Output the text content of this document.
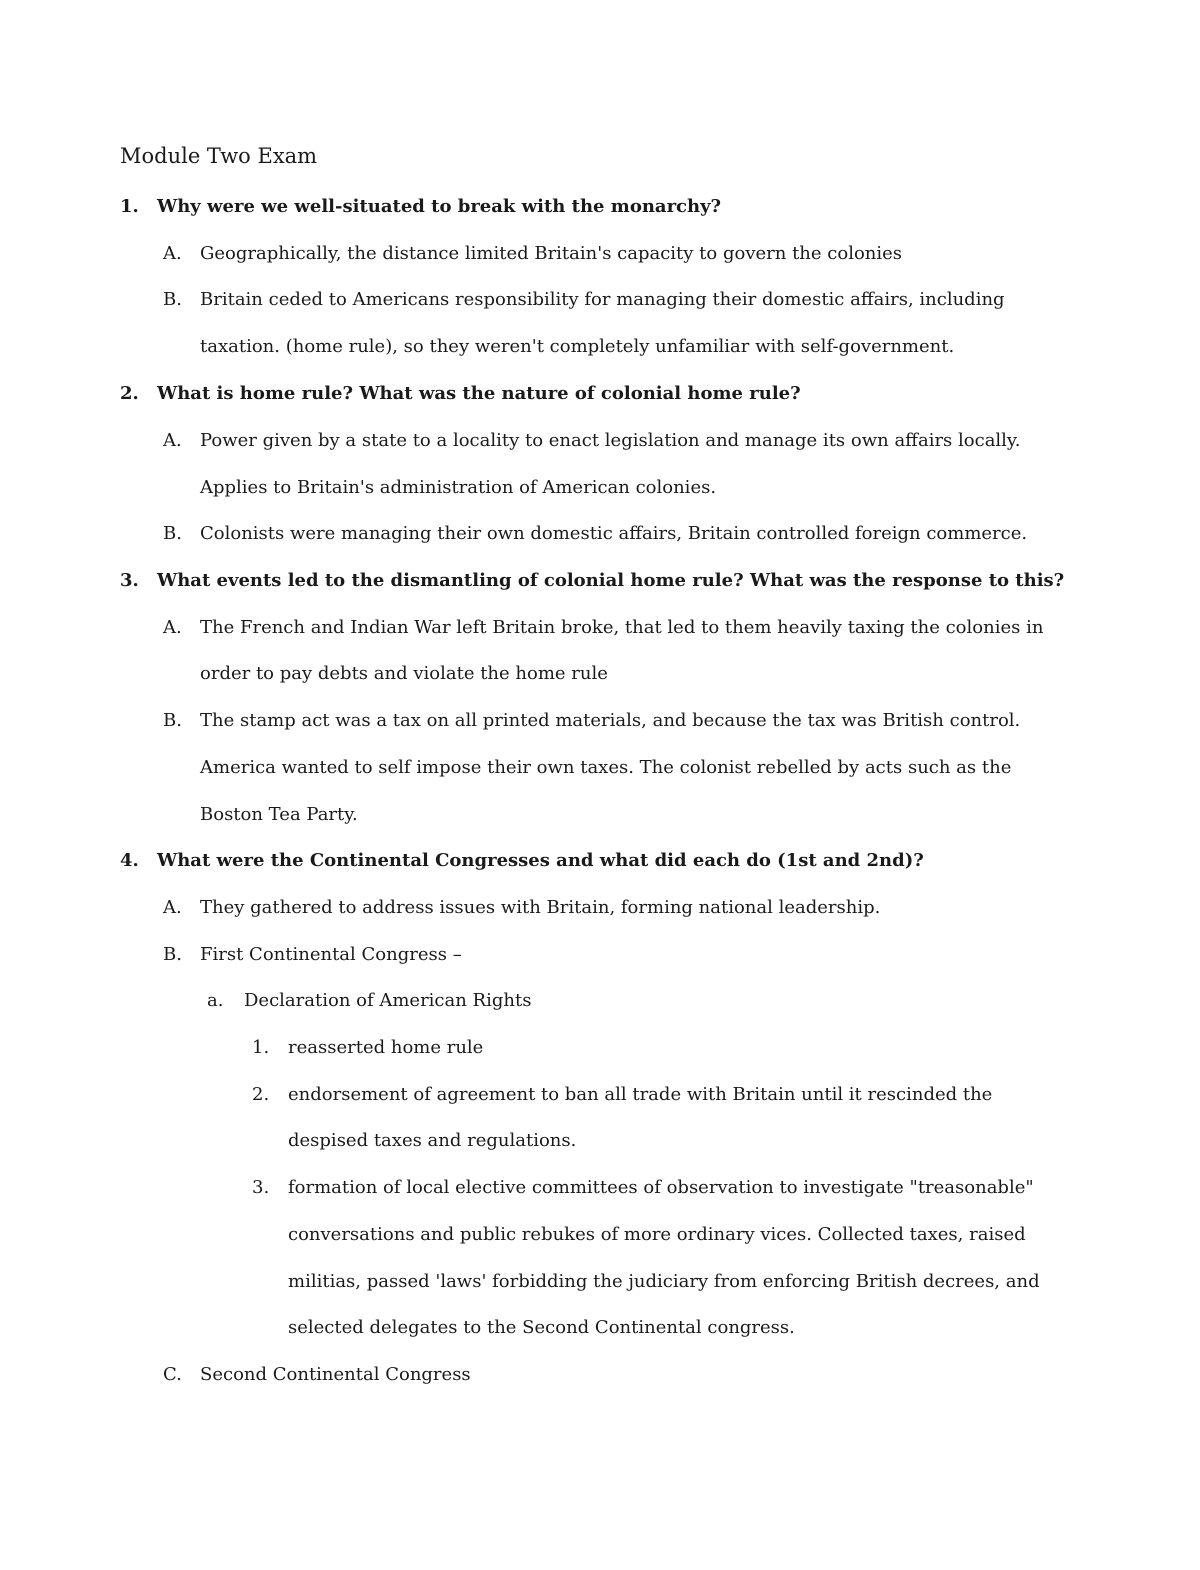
Module Two Exam
1. Why were we well-situated to break with the monarchy?
A. Geographically, the distance limited Britain's capacity to govern the colonies
B. Britain ceded to Americans responsibility for managing their domestic affairs, including
taxation. (home rule), so they weren't completely unfamiliar with self-government.
2. What is home rule? What was the nature of colonial home rule?
A. Power given by a state to a locality to enact legislation and manage its own affairs locally.
Applies to Britain's administration of American colonies.
B. Colonists were managing their own domestic affairs, Britain controlled foreign commerce.
3. What events led to the dismantling of colonial home rule? What was the response to this?
A. The French and Indian War left Britain broke, that led to them heavily taxing the colonies in
order to pay debts and violate the home rule
B. The stamp act was a tax on all printed materials, and because the tax was British control.
America wanted to self impose their own taxes. The colonist rebelled by acts such as the
Boston Tea Party.
4. What were the Continental Congresses and what did each do (1st and 2nd)?
A. They gathered to address issues with Britain, forming national leadership.
B. First Continental Congress –
a. Declaration of American Rights
1. reasserted home rule
2. endorsement of agreement to ban all trade with Britain until it rescinded the
despised taxes and regulations.
3. formation of local elective committees of observation to investigate "treasonable"
conversations and public rebukes of more ordinary vices. Collected taxes, raised
militias, passed 'laws' forbidding the judiciary from enforcing British decrees, and
selected delegates to the Second Continental congress.
C. Second Continental Congress
